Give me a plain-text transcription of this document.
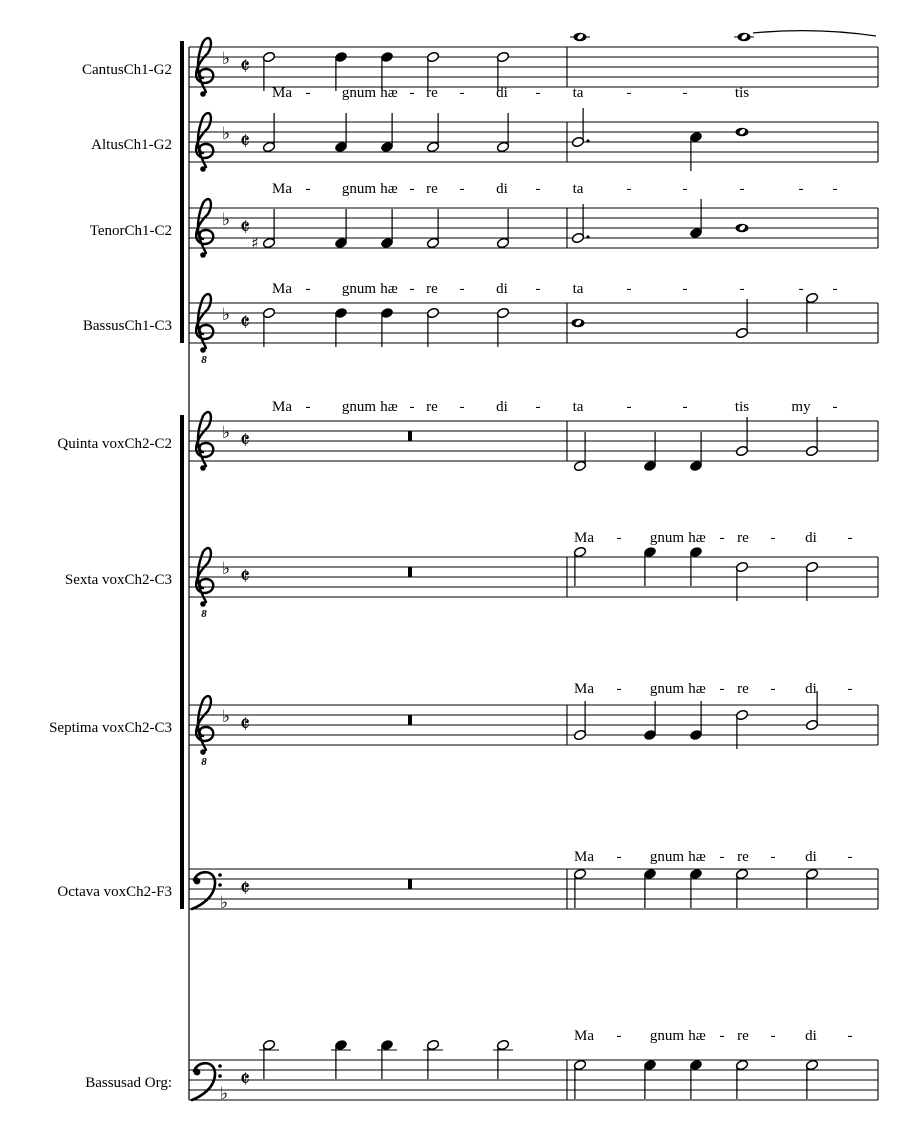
♭ 𝄵
♭ 𝄵
♭ 𝄵
♯
8
♭ 𝄵
♭ 𝄵
8
♭ 𝄵
8
♭ 𝄵
♭
𝄵
♭
𝄵
CantusCh1-G2
Ma - gnum hæ - re - di - ta	-	-	tis
AltusCh1-G2
Ma - gnum hæ - re - di - ta	-	-	-	- -
TenorCh1-C2
Ma - gnum hæ - re - di - ta	-	-	-	- -
BassusCh1-C3
Ma - gnum hæ - re - di - ta	-	-	tis	my -
Quinta voxCh2-C2
Ma - gnum hæ - re - di -
Sexta voxCh2-C3
Ma - gnum hæ - re - di -
Septima voxCh2-C3
Ma - gnum hæ - re - di -
Octava voxCh2-F3
Ma - gnum hæ - re - di -
Bassusad Org:
